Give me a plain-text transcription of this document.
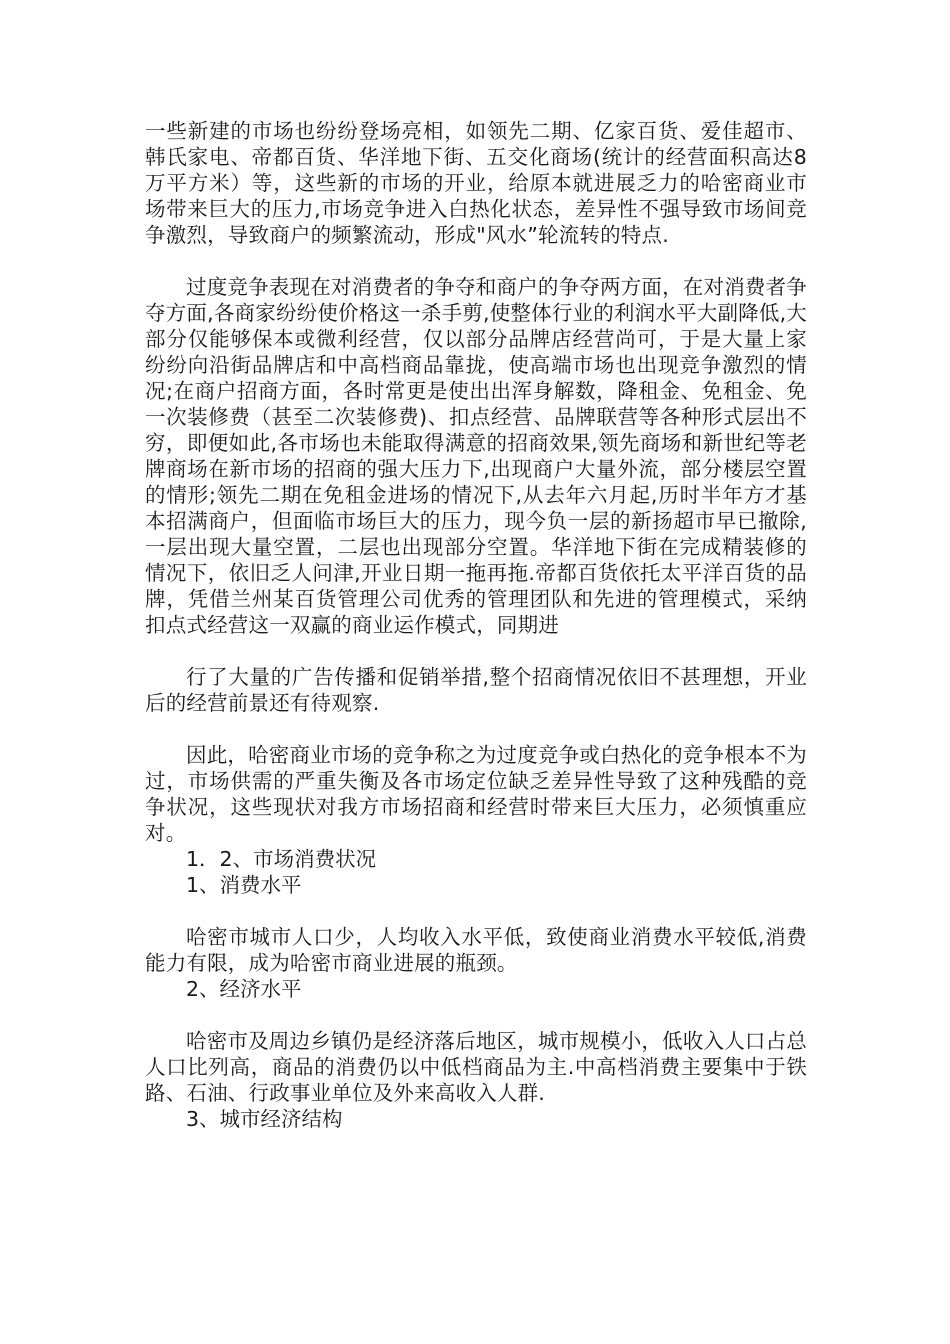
一些新建的市场也纷纷登场亮相，如领先二期、亿家百货、爱佳超市、韩氏家电、帝都百货、华洋地下街、五交化商场(统计的经营面积高达8万平方米）等，这些新的市场的开业，给原本就进展乏力的哈密商业市场带来巨大的压力,市场竞争进入白热化状态，差异性不强导致市场间竞争激烈，导致商户的频繁流动，形成"风水”轮流转的特点.

过度竞争表现在对消费者的争夺和商户的争夺两方面，在对消费者争夺方面,各商家纷纷使价格这一杀手剪,使整体行业的利润水平大副降低,大部分仅能够保本或微利经营，仅以部分品牌店经营尚可，于是大量上家纷纷向沿街品牌店和中高档商品靠拢，使高端市场也出现竞争激烈的情况;在商户招商方面，各时常更是使出出浑身解数，降租金、免租金、免一次装修费（甚至二次装修费)、扣点经营、品牌联营等各种形式层出不穷，即便如此,各市场也未能取得满意的招商效果,领先商场和新世纪等老牌商场在新市场的招商的强大压力下,出现商户大量外流，部分楼层空置的情形;领先二期在免租金进场的情况下,从去年六月起,历时半年方才基本招满商户，但面临市场巨大的压力，现今负一层的新扬超市早已撤除,一层出现大量空置，二层也出现部分空置。华洋地下街在完成精装修的情况下，依旧乏人问津,开业日期一拖再拖.帝都百货依托太平洋百货的品牌，凭借兰州某百货管理公司优秀的管理团队和先进的管理模式，采纳扣点式经营这一双赢的商业运作模式，同期进

行了大量的广告传播和促销举措,整个招商情况依旧不甚理想，开业后的经营前景还有待观察.

因此，哈密商业市场的竞争称之为过度竞争或白热化的竞争根本不为过，市场供需的严重失衡及各市场定位缺乏差异性导致了这种残酷的竞争状况，这些现状对我方市场招商和经营时带来巨大压力，必须慎重应对。

1．2、市场消费状况

1、消费水平

哈密市城市人口少，人均收入水平低，致使商业消费水平较低,消费能力有限，成为哈密市商业进展的瓶颈。

2、经济水平

哈密市及周边乡镇仍是经济落后地区，城市规模小，低收入人口占总人口比列高，商品的消费仍以中低档商品为主.中高档消费主要集中于铁路、石油、行政事业单位及外来高收入人群.

3、城市经济结构
